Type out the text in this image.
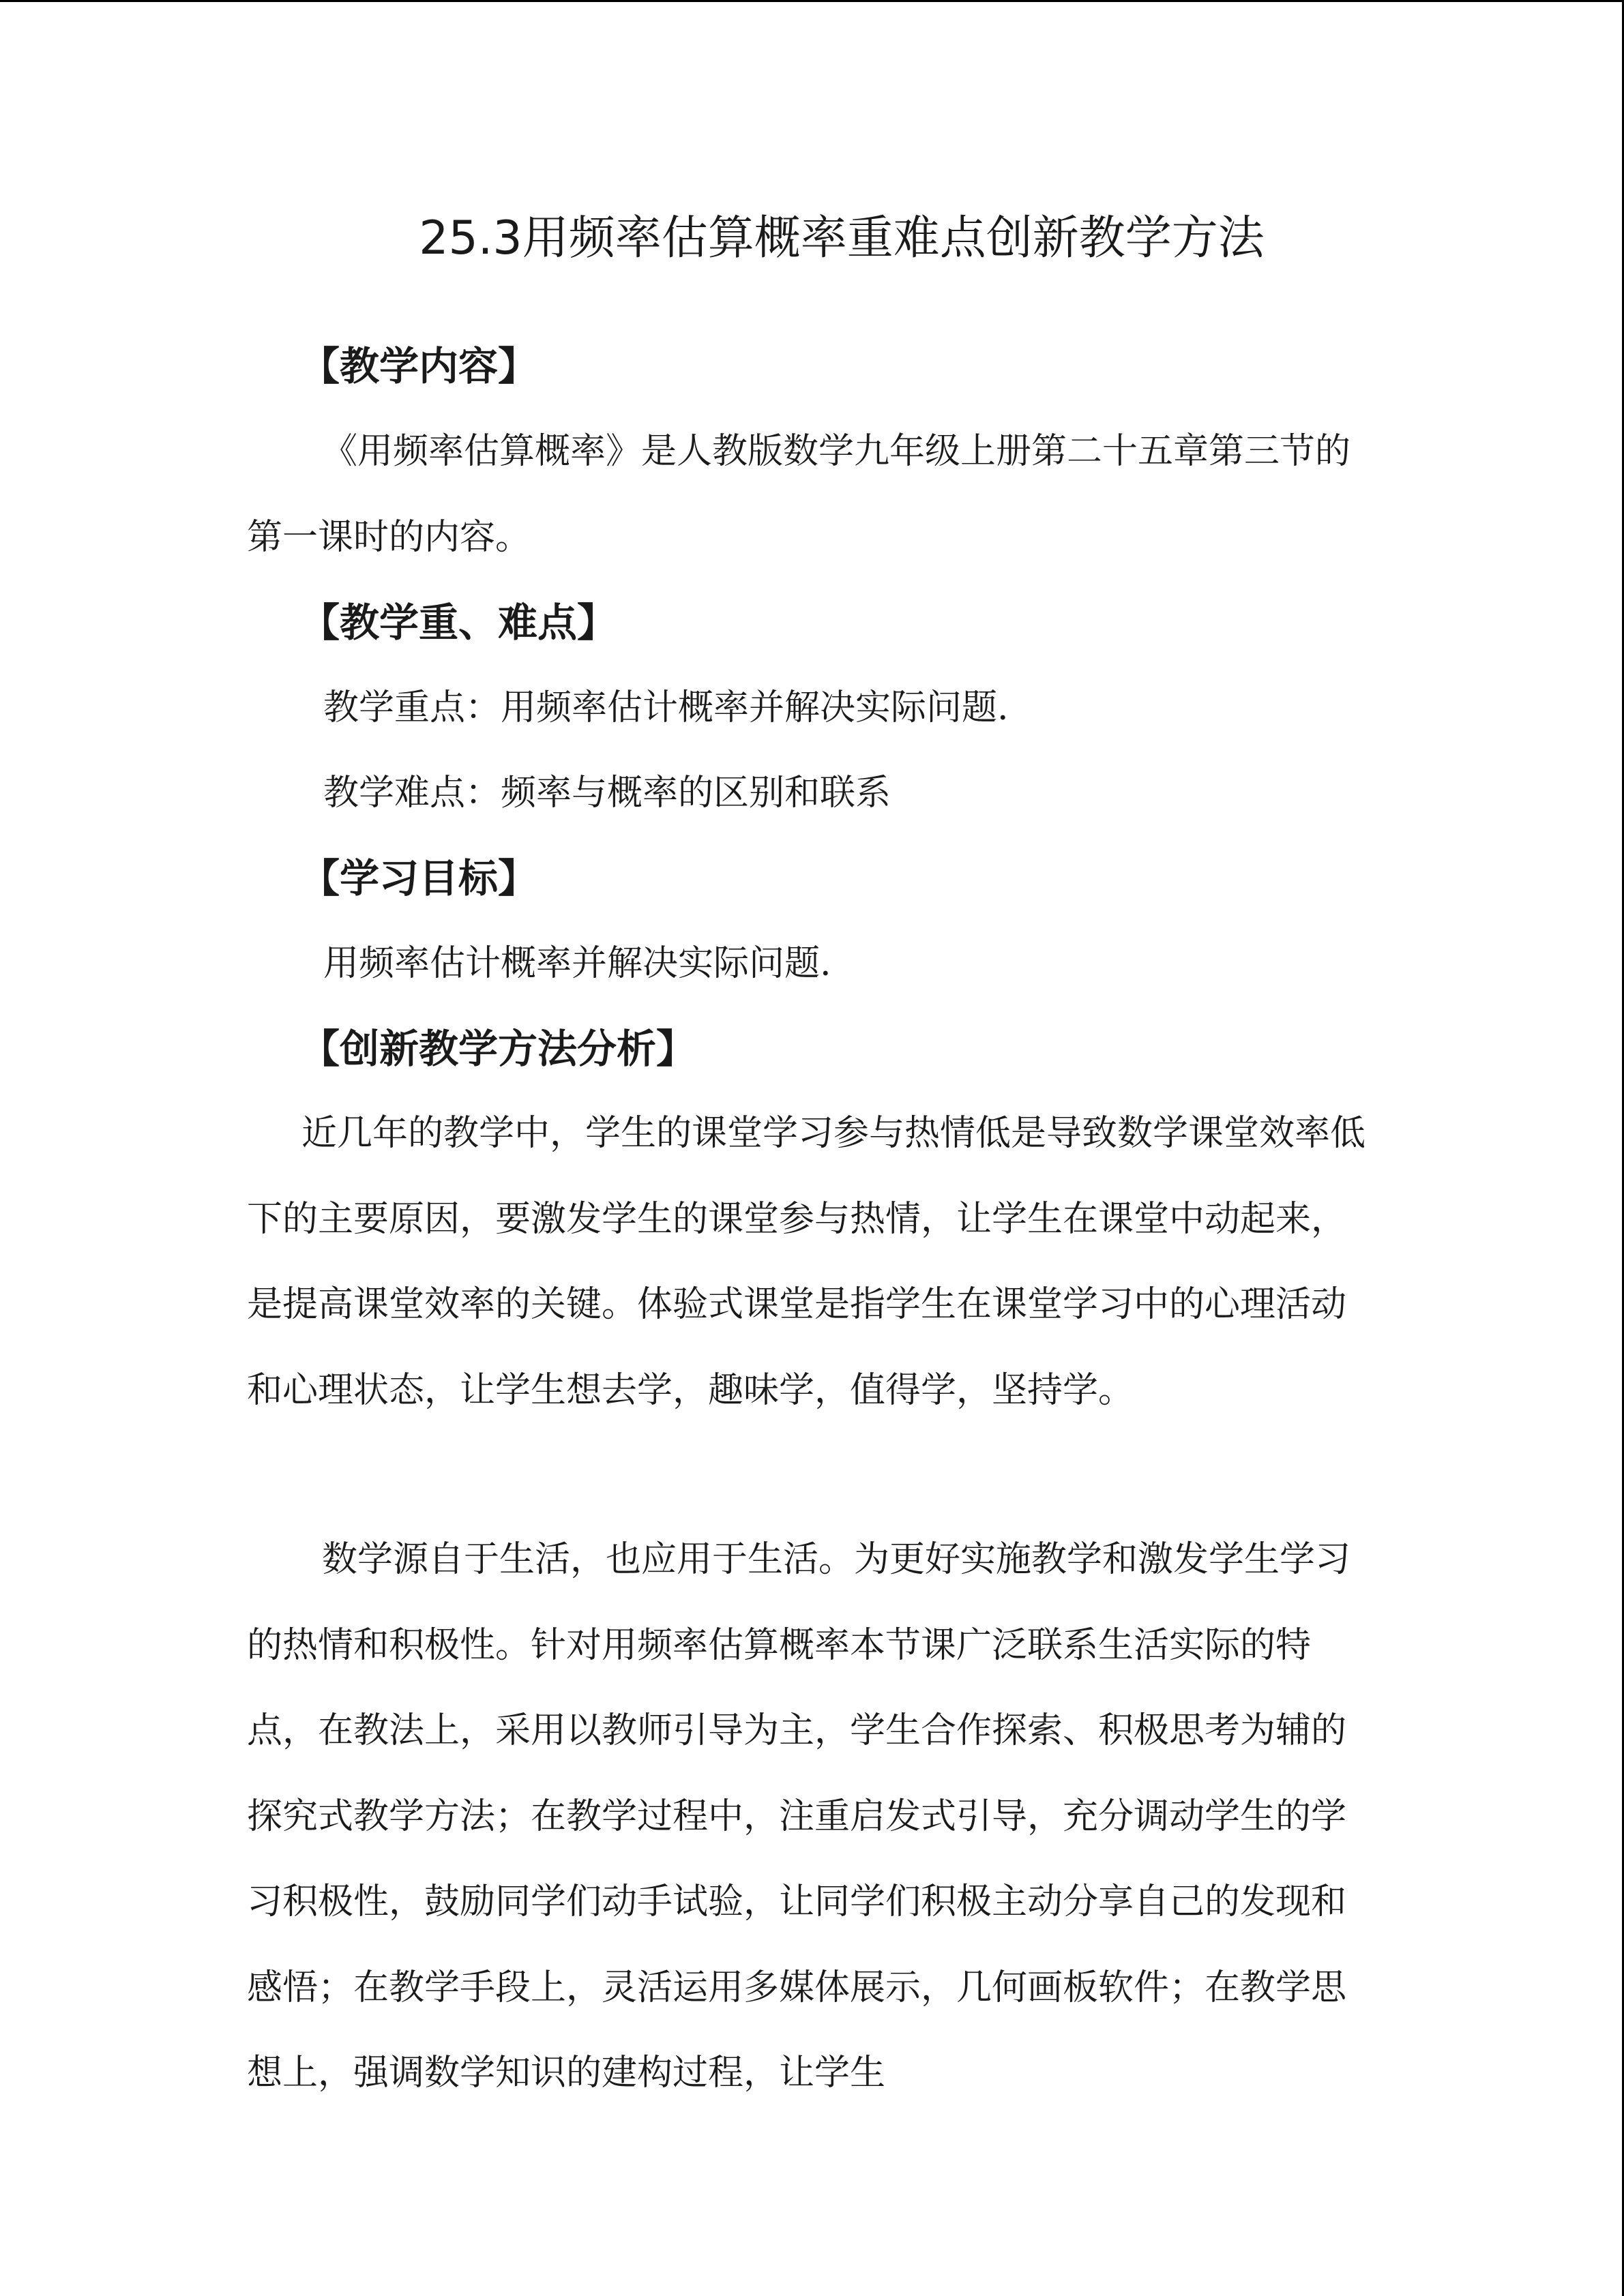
25.3用频率估算概率重难点创新教学方法
【教学内容】

《用频率估算概率》是人教版数学九年级上册第二十五章第三节的第一课时的内容。

【教学重、难点】

教学重点：用频率估计概率并解决实际问题.

教学难点：频率与概率的区别和联系

【学习目标】

用频率估计概率并解决实际问题.

【创新教学方法分析】

近几年的教学中，学生的课堂学习参与热情低是导致数学课堂效率低下的主要原因，要激发学生的课堂参与热情，让学生在课堂中动起来，是提高课堂效率的关键。体验式课堂是指学生在课堂学习中的心理活动和心理状态，让学生想去学，趣味学，值得学，坚持学。

数学源自于生活，也应用于生活。为更好实施教学和激发学生学习的热情和积极性。针对用频率估算概率本节课广泛联系生活实际的特点，在教法上，采用以教师引导为主，学生合作探索、积极思考为辅的探究式教学方法；在教学过程中，注重启发式引导，充分调动学生的学习积极性，鼓励同学们动手试验，让同学们积极主动分享自己的发现和感悟；在教学手段上，灵活运用多媒体展示，几何画板软件；在教学思想上，强调数学知识的建构过程，让学生
